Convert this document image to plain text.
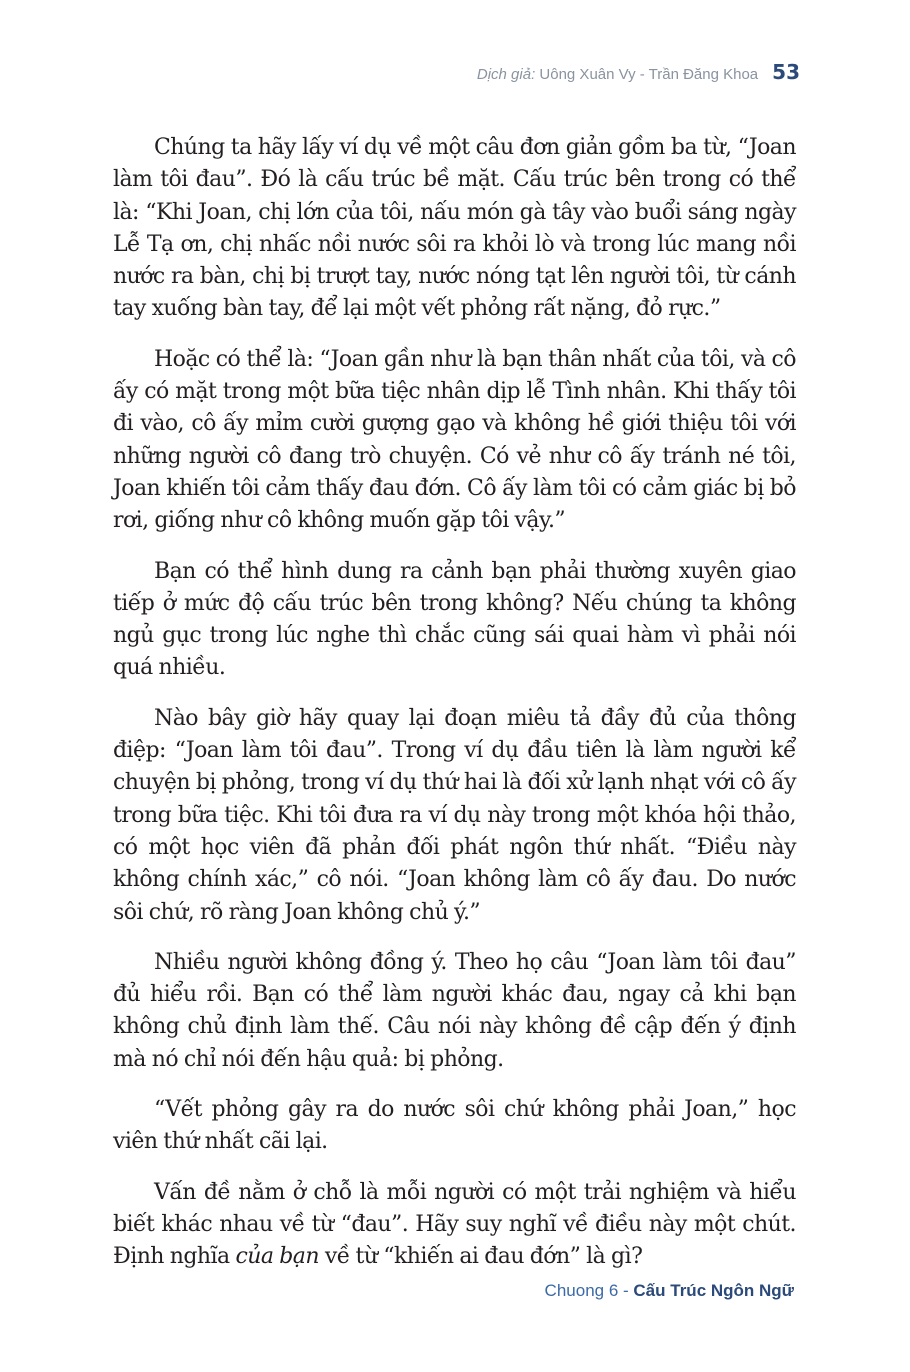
Dịch giả: Uông Xuân Vy - Trần Đăng Khoa 53

Chúng ta hãy lấy ví dụ về một câu đơn giản gồm ba từ, “Joan làm tôi đau”. Đó là cấu trúc bề mặt. Cấu trúc bên trong có thể là: “Khi Joan, chị lớn của tôi, nấu món gà tây vào buổi sáng ngày Lễ Tạ ơn, chị nhấc nồi nước sôi ra khỏi lò và trong lúc mang nồi nước ra bàn, chị bị trượt tay, nước nóng tạt lên người tôi, từ cánh tay xuống bàn tay, để lại một vết phỏng rất nặng, đỏ rực.”

Hoặc có thể là: “Joan gần như là bạn thân nhất của tôi, và cô ấy có mặt trong một bữa tiệc nhân dịp lễ Tình nhân. Khi thấy tôi đi vào, cô ấy mỉm cười gượng gạo và không hề giới thiệu tôi với những người cô đang trò chuyện. Có vẻ như cô ấy tránh né tôi, Joan khiến tôi cảm thấy đau đớn. Cô ấy làm tôi có cảm giác bị bỏ rơi, giống như cô không muốn gặp tôi vậy.”

Bạn có thể hình dung ra cảnh bạn phải thường xuyên giao tiếp ở mức độ cấu trúc bên trong không? Nếu chúng ta không ngủ gục trong lúc nghe thì chắc cũng sái quai hàm vì phải nói quá nhiều.

Nào bây giờ hãy quay lại đoạn miêu tả đầy đủ của thông điệp: “Joan làm tôi đau”. Trong ví dụ đầu tiên là làm người kể chuyện bị phỏng, trong ví dụ thứ hai là đối xử lạnh nhạt với cô ấy trong bữa tiệc. Khi tôi đưa ra ví dụ này trong một khóa hội thảo, có một học viên đã phản đối phát ngôn thứ nhất. “Điều này không chính xác,” cô nói. “Joan không làm cô ấy đau. Do nước sôi chứ, rõ ràng Joan không chủ ý.”

Nhiều người không đồng ý. Theo họ câu “Joan làm tôi đau” đủ hiểu rồi. Bạn có thể làm người khác đau, ngay cả khi bạn không chủ định làm thế. Câu nói này không đề cập đến ý định mà nó chỉ nói đến hậu quả: bị phỏng.

“Vết phỏng gây ra do nước sôi chứ không phải Joan,” học viên thứ nhất cãi lại.

Vấn đề nằm ở chỗ là mỗi người có một trải nghiệm và hiểu biết khác nhau về từ “đau”. Hãy suy nghĩ về điều này một chút. Định nghĩa của bạn về từ “khiến ai đau đớn” là gì?

Chuong 6 - Cấu Trúc Ngôn Ngữ
